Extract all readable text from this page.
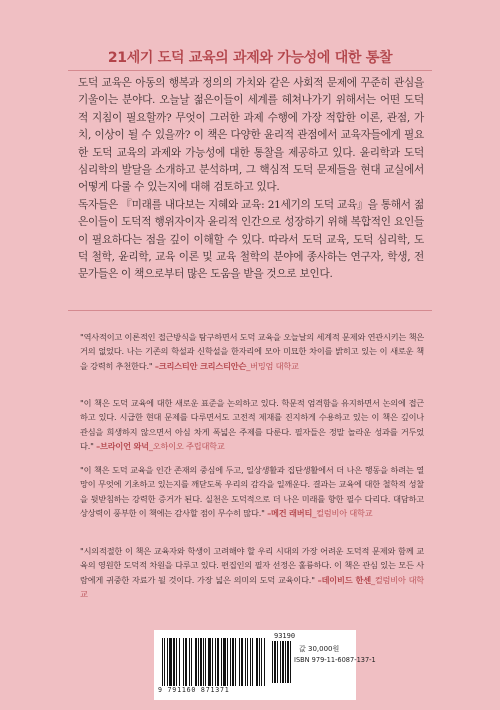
21세기 도덕 교육의 과제와 가능성에 대한 통찰

도덕 교육은 아동의 행복과 정의의 가치와 같은 사회적 문제에 꾸준히 관심을 기울이는 분야다. 오늘날 젊은이들이 세계를 헤쳐나가기 위해서는 어떤 도덕적 지침이 필요할까? 무엇이 그러한 과제 수행에 가장 적합한 이론, 관점, 가치, 이상이 될 수 있을까? 이 책은 다양한 윤리적 관점에서 교육자들에게 필요한 도덕 교육의 과제와 가능성에 대한 통찰을 제공하고 있다. 윤리학과 도덕 심리학의 발달을 소개하고 분석하며, 그 핵심적 도덕 문제들을 현대 교실에서 어떻게 다룰 수 있는지에 대해 검토하고 있다.

독자들은 『미래를 내다보는 지혜와 교육: 21세기의 도덕 교육』을 통해서 젊은이들이 도덕적 행위자이자 윤리적 인간으로 성장하기 위해 복합적인 요인들이 필요하다는 점을 깊이 이해할 수 있다. 따라서 도덕 교육, 도덕 심리학, 도덕 철학, 윤리학, 교육 이론 및 교육 철학의 분야에 종사하는 연구자, 학생, 전문가들은 이 책으로부터 많은 도움을 받을 것으로 보인다.

"역사적이고 이론적인 접근방식을 탐구하면서 도덕 교육을 오늘날의 세계적 문제와 연관시키는 책은 거의 없었다. 나는 기존의 학설과 신학설을 한자리에 모아 미묘한 차이를 밝히고 있는 이 새로운 책을 강력히 추천한다." –크리스티안 크리스티안슨_버밍엄 대학교

"이 책은 도덕 교육에 대한 새로운 표준을 논의하고 있다. 학문적 엄격함을 유지하면서 논의에 접근하고 있다. 시급한 현대 문제를 다루면서도 고전적 제재를 진지하게 수용하고 있는 이 책은 깊이나 관심을 희생하지 않으면서 아심 차게 폭넓은 주제를 다룬다. 필자들은 정말 놀라운 성과를 거두었다." –브라이언 와넉_오하이오 주립대학교

"이 책은 도덕 교육을 인간 존재의 중심에 두고, 일상생활과 집단생활에서 더 나은 행동을 하려는 열망이 무엇에 기초하고 있는지를 깨닫도록 우리의 감각을 일깨운다. 결과는 교육에 대한 철학적 성찰을 뒷받침하는 강력한 증거가 된다. 실천은 도덕적으로 더 나은 미래를 향한 필수 다리다. 대담하고 상상력이 풍부한 이 책에는 감사할 점이 무수히 많다." –메건 래버티_컬럼비아 대학교

"시의적절한 이 책은 교육자와 학생이 고려해야 할 우리 시대의 가장 어려운 도덕적 문제와 함께 교육의 영원한 도덕적 차원을 다루고 있다. 편집인의 필자 선정은 훌륭하다. 이 책은 관심 있는 모든 사람에게 귀중한 자료가 될 것이다. 가장 넓은 의미의 도덕 교육이다." –데이비드 한센_컬럼비아 대학교

93190
9 791160 871371
값 30,000원
ISBN 979-11-6087-137-1
